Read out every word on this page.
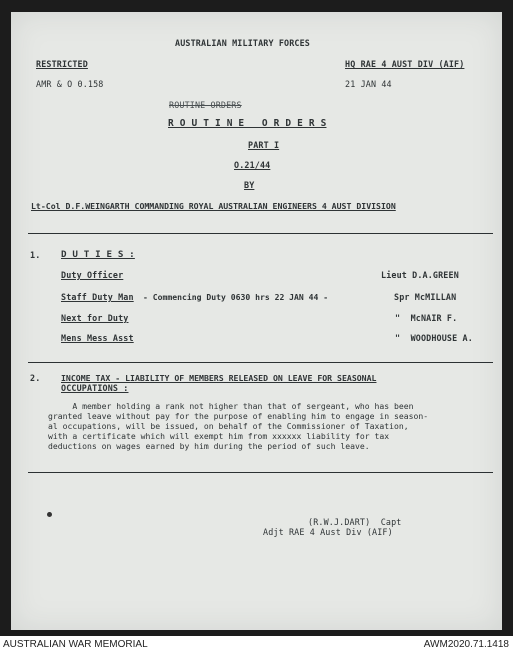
AUSTRALIAN MILITARY FORCES
RESTRICTED	HQ RAE 4 AUST DIV (AIF)
AMR & O 0.158	21 JAN 44
ROUTINE ORDERS
R O U T I N E   O R D E R S
PART I
O.21/44
BY
Lt-Col D.F.WEINGARTH COMMANDING ROYAL AUSTRALIAN ENGINEERS 4 AUST DIVISION
1. D U T I E S :
Duty Officer	Lieut D.A.GREEN
Staff Duty Man - Commencing Duty 0630 hrs 22 JAN 44 -	Spr McMILLAN
Next for Duty	"  McNAIR F.
Mens Mess Asst	"  WOODHOUSE A.
2.	INCOME TAX - LIABILITY OF MEMBERS RELEASED ON LEAVE FOR SEASONAL
OCCUPATIONS :
A member holding a rank not higher than that of sergeant, who has been
granted leave without pay for the purpose of enabling him to engage in season-
al occupations, will be issued, on behalf of the Commissioner of Taxation,
with a certificate which will exempt him from xxxxxx liability for tax
deductions on wages earned by him during the period of such leave.
(R.W.J.DART)  Capt
Adjt RAE 4 Aust Div (AIF)
AUSTRALIAN WAR MEMORIAL	AWM2020.71.1418
